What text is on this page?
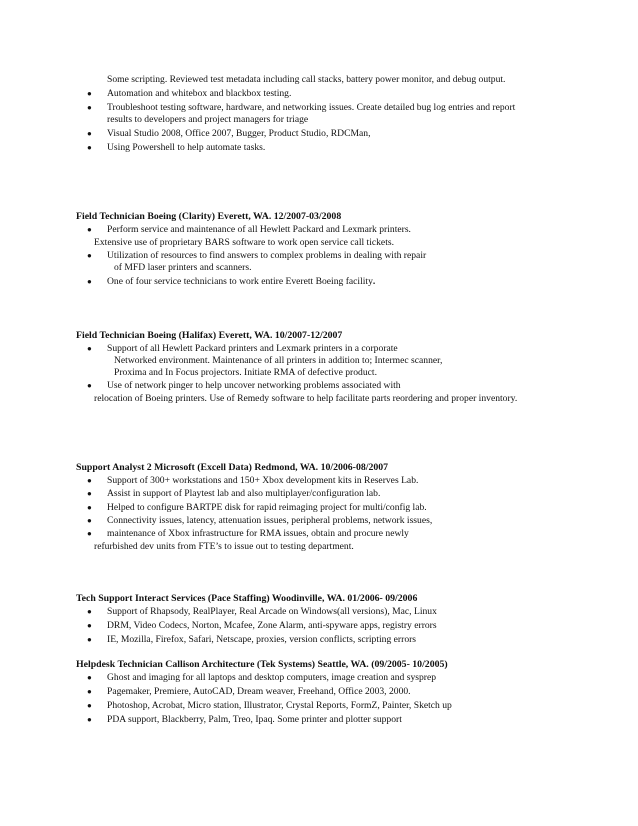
Some scripting. Reviewed test metadata including call stacks, battery power monitor, and debug output.
● Automation and whitebox and blackbox testing.
● Troubleshoot testing software, hardware, and networking issues. Create detailed bug log entries and report
results to developers and project managers for triage
● Visual Studio 2008, Office 2007, Bugger, Product Studio, RDCMan,
● Using Powershell to help automate tasks.
Field Technician Boeing (Clarity) Everett, WA. 12/2007-03/2008
● Perform service and maintenance of all Hewlett Packard and Lexmark printers.
Extensive use of proprietary BARS software to work open service call tickets.
● Utilization of resources to find answers to complex problems in dealing with repair
of MFD laser printers and scanners.
● One of four service technicians to work entire Everett Boeing facility.
Field Technician Boeing (Halifax) Everett, WA. 10/2007-12/2007
● Support of all Hewlett Packard printers and Lexmark printers in a corporate
Networked environment. Maintenance of all printers in addition to; Intermec scanner,
Proxima and In Focus projectors. Initiate RMA of defective product.
● Use of network pinger to help uncover networking problems associated with
relocation of Boeing printers. Use of Remedy software to help facilitate parts reordering and proper inventory.
Support Analyst 2 Microsoft (Excell Data) Redmond, WA. 10/2006-08/2007
● Support of 300+ workstations and 150+ Xbox development kits in Reserves Lab.
● Assist in support of Playtest lab and also multiplayer/configuration lab.
● Helped to configure BARTPE disk for rapid reimaging project for multi/config lab.
● Connectivity issues, latency, attenuation issues, peripheral problems, network issues,
● maintenance of Xbox infrastructure for RMA issues, obtain and procure newly
refurbished dev units from FTE’s to issue out to testing department.
Tech Support Interact Services (Pace Staffing) Woodinville, WA. 01/2006- 09/2006
● Support of Rhapsody, RealPlayer, Real Arcade on Windows(all versions), Mac, Linux
● DRM, Video Codecs, Norton, Mcafee, Zone Alarm, anti-spyware apps, registry errors
● IE, Mozilla, Firefox, Safari, Netscape, proxies, version conflicts, scripting errors
Helpdesk Technician Callison Architecture (Tek Systems) Seattle, WA. (09/2005- 10/2005)
● Ghost and imaging for all laptops and desktop computers, image creation and sysprep
● Pagemaker, Premiere, AutoCAD, Dream weaver, Freehand, Office 2003, 2000.
● Photoshop, Acrobat, Micro station, Illustrator, Crystal Reports, FormZ, Painter, Sketch up
● PDA support, Blackberry, Palm, Treo, Ipaq. Some printer and plotter support
